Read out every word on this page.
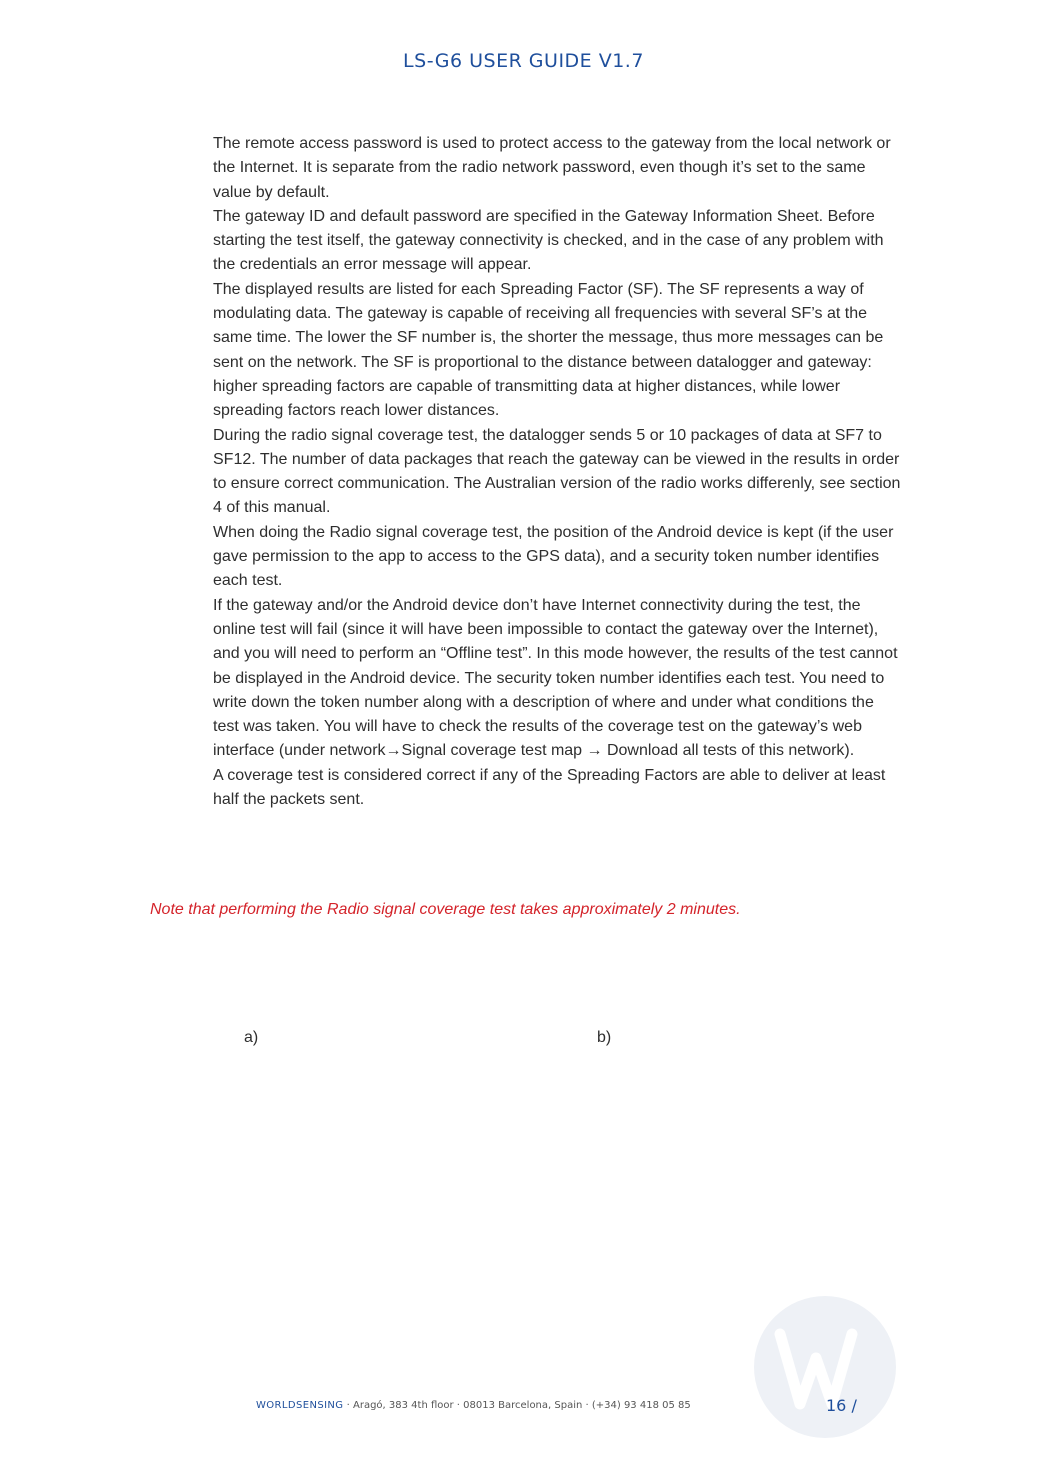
LS-G6 USER GUIDE V1.7

The remote access password is used to protect access to the gateway from the local network or the Internet. It is separate from the radio network password, even though it’s set to the same value by default.

The gateway ID and default password are specified in the Gateway Information Sheet. Before starting the test itself, the gateway connectivity is checked, and in the case of any problem with the credentials an error message will appear.

The displayed results are listed for each Spreading Factor (SF). The SF represents a way of modulating data. The gateway is capable of receiving all frequencies with several SF’s at the same time. The lower the SF number is, the shorter the message, thus more messages can be sent on the network. The SF is proportional to the distance between datalogger and gateway: higher spreading factors are capable of transmitting data at higher distances, while lower spreading factors reach lower distances.

During the radio signal coverage test, the datalogger sends 5 or 10 packages of data at SF7 to SF12. The number of data packages that reach the gateway can be viewed in the results in order to ensure correct communication. The Australian version of the radio works differenly, see section 4 of this manual.

When doing the Radio signal coverage test, the position of the Android device is kept (if the user gave permission to the app to access to the GPS data), and a security token number identifies each test.

If the gateway and/or the Android device don’t have Internet connectivity during the test, the online test will fail (since it will have been impossible to contact the gateway over the Internet), and you will need to perform an “Offline test”. In this mode however, the results of the test cannot be displayed in the Android device. The security token number identifies each test. You need to write down the token number along with a description of where and under what conditions the test was taken. You will have to check the results of the coverage test on the gateway’s web interface (under network→Signal coverage test map → Download all tests of this network).

A coverage test is considered correct if any of the Spreading Factors are able to deliver at least half the packets sent.

Note that performing the Radio signal coverage test takes approximately 2 minutes.
a)	b)
WORLDSENSING · Aragó, 383 4th floor · 08013 Barcelona, Spain · (+34) 93 418 05 85	16 /
